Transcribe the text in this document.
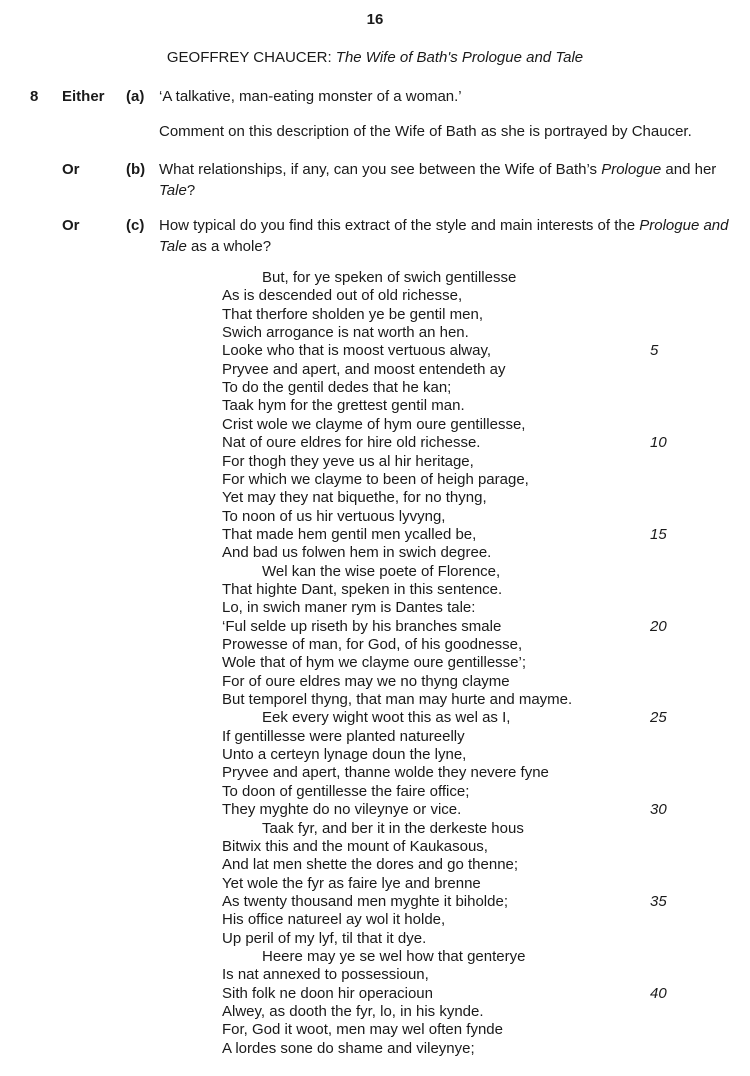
16
GEOFFREY CHAUCER: The Wife of Bath's Prologue and Tale
8 Either (a) ‘A talkative, man-eating monster of a woman.’
Comment on this description of the Wife of Bath as she is portrayed by Chaucer.
Or	(b) What relationships, if any, can you see between the Wife of Bath’s Prologue and her Tale?
Or	(c) How typical do you find this extract of the style and main interests of the Prologue and Tale as a whole?
But, for ye speken of swich gentillesse
As is descended out of old richesse,
That therfore sholden ye be gentil men,
Swich arrogance is nat worth an hen.
Looke who that is moost vertuous alway,	5
Pryvee and apert, and moost entendeth ay
To do the gentil dedes that he kan;
Taak hym for the grettest gentil man.
Crist wole we clayme of hym oure gentillesse,
Nat of oure eldres for hire old richesse.	10
For thogh they yeve us al hir heritage,
For which we clayme to been of heigh parage,
Yet may they nat biquethe, for no thyng,
To noon of us hir vertuous lyvyng,
That made hem gentil men ycalled be,	15
And bad us folwen hem in swich degree.
Wel kan the wise poete of Florence,
That highte Dant, speken in this sentence.
Lo, in swich maner rym is Dantes tale:
‘Ful selde up riseth by his branches smale	20
Prowesse of man, for God, of his goodnesse,
Wole that of hym we clayme oure gentillesse’;
For of oure eldres may we no thyng clayme
But temporel thyng, that man may hurte and mayme.
Eek every wight woot this as wel as I,	25
If gentillesse were planted natureelly
Unto a certeyn lynage doun the lyne,
Pryvee and apert, thanne wolde they nevere fyne
To doon of gentillesse the faire office;
They myghte do no vileynye or vice.	30
Taak fyr, and ber it in the derkeste hous
Bitwix this and the mount of Kaukasous,
And lat men shette the dores and go thenne;
Yet wole the fyr as faire lye and brenne
As twenty thousand men myghte it biholde;	35
His office natureel ay wol it holde,
Up peril of my lyf, til that it dye.
Heere may ye se wel how that genterye
Is nat annexed to possessioun,
Sith folk ne doon hir operacioun	40
Alwey, as dooth the fyr, lo, in his kynde.
For, God it woot, men may wel often fynde
A lordes sone do shame and vileynye;
